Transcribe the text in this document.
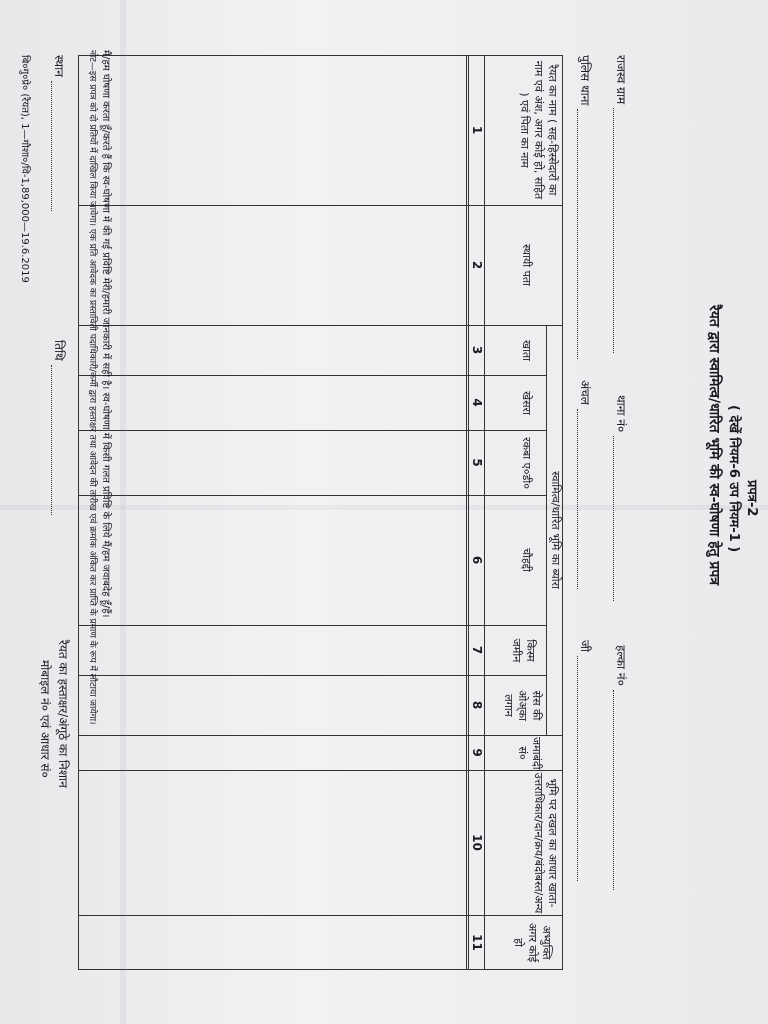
प्रपत्र-2
( देखें नियम-6 उप नियम-1 )
रैयत द्वारा स्वामित्व/धारित भूमि की स्व-घोषणा हेतु प्रपत्र
राजस्व ग्राम
थाना नं०
हल्का नं०
पुलिस थाना
अंचल
जी
रैयत का नाम ( सह-हिस्सेदारों का नाम एवं अंश, अगर कोई हो, सहित ) एवं पिता का नाम
स्थायी पता
स्वामित्व/धारित भूमि का ब्योरा
खाता
खेसरा
रकबा ए०डी०
चौहद्दी
किस्म जमीन
सेस की ओअ्का लगान
जमाबंदी सं०
भूमि पर दखल का आधार खाता-उत्तराधिकार/दान/क्रय/बंदोबस्त/अन्य
अभ्युक्ति अगर कोई हो
1
2
3
4
5
6
7
8
9
10
11
मैं/हम घोषणा करता हूँ/करते हैं कि स्व-घोषणा में की गई प्रविष्टि मेरी/हमारी जानकारी में सही है। स्व-घोषणा में किसी गलत प्रविष्टि के लिये मैं/हम जवाबदेह हूँ/हैं।
नोट—इस प्रपत्र को दो प्रतियों में दाखिल किया जायेगा। एक प्रति आवेदक का प्रस्ताविती पदाधिकारी/कर्मी द्वारा हस्ताक्षर तथा आवेदन की तारीख एवं क्रमांक अंकित कर प्राप्ति के प्रमाण के रूप में लौटाया जायेगा।
स्थान
तिथि
रैयत का हस्ताक्षर/अंगूठे का निशान
मोबाइल नं० एवं आधार सं०
बि०गु०प्रे० (रैयत), 1—गौशा०/वि-1,89,000—19.6.2019
